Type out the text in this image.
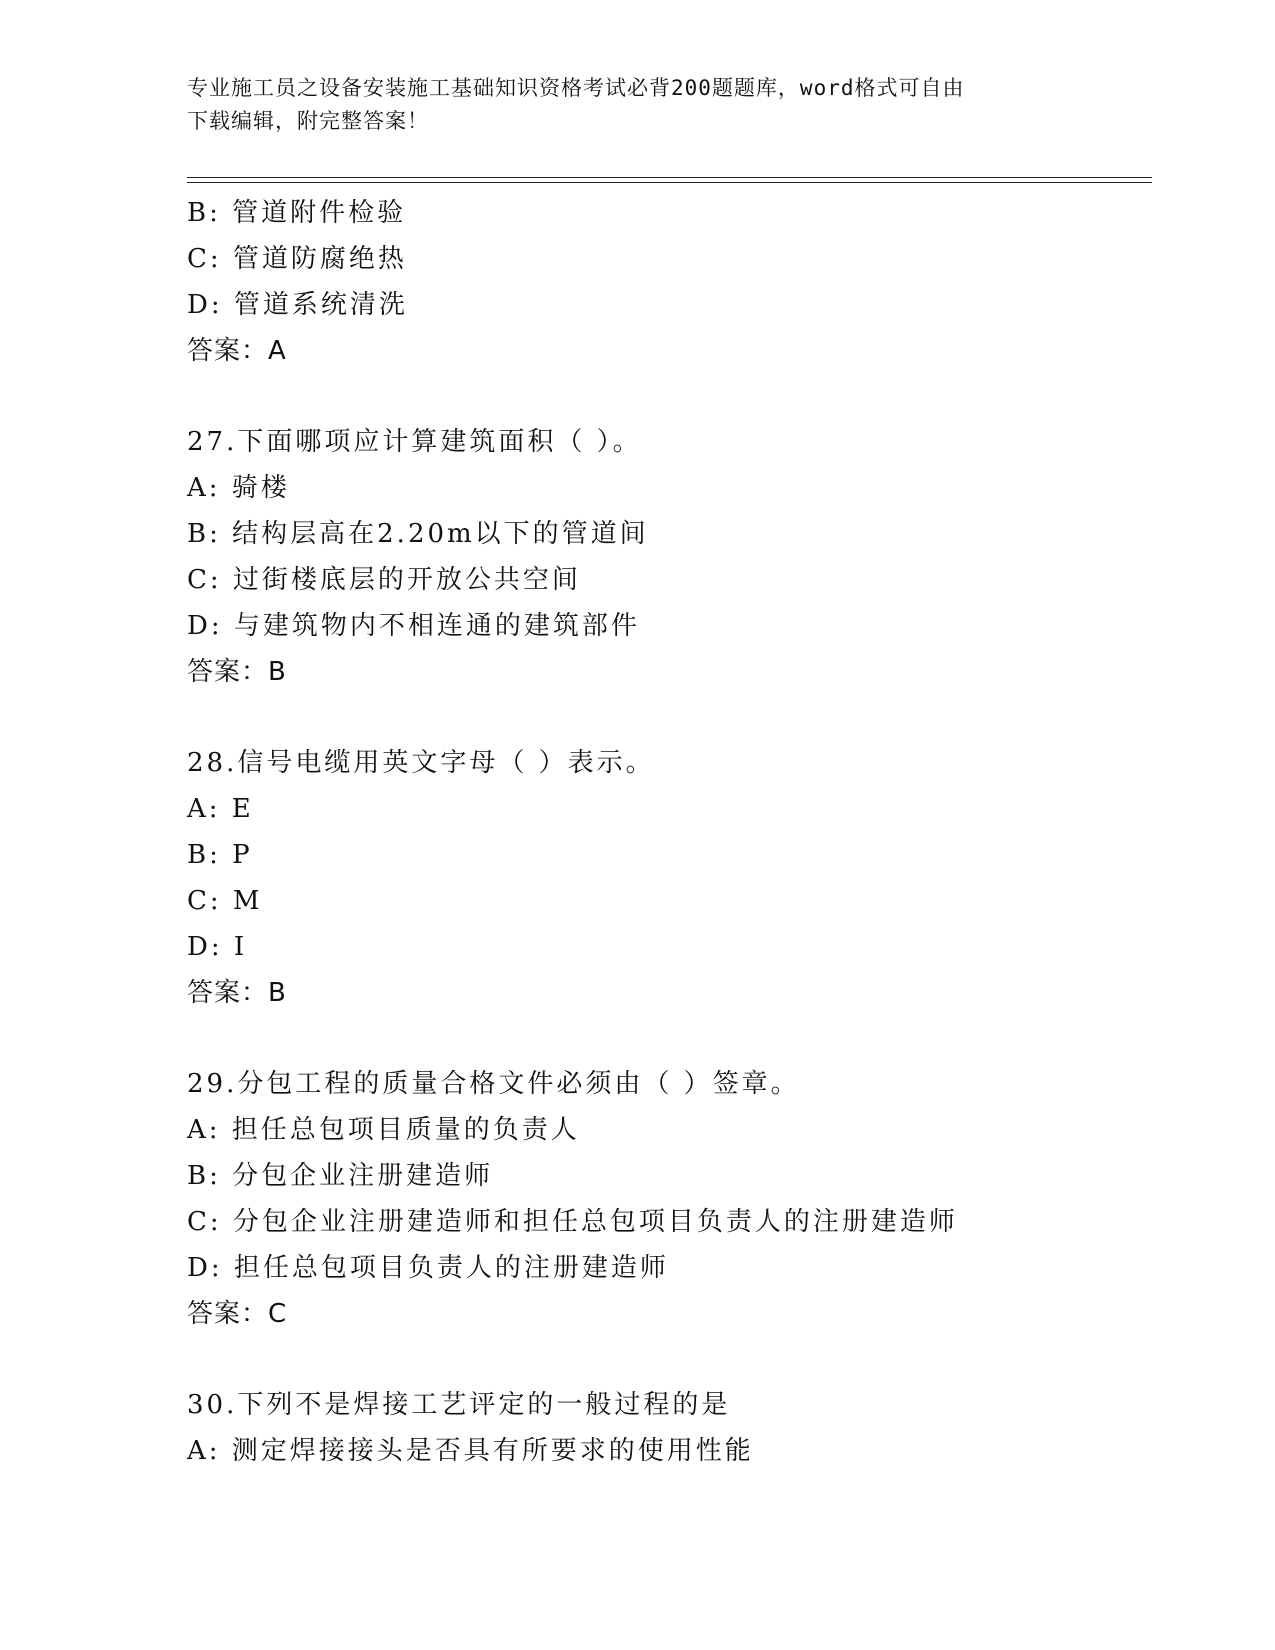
专业施工员之设备安装施工基础知识资格考试必背200题题库，word格式可自由
下载编辑，附完整答案！
B: 管道附件检验
C: 管道防腐绝热
D: 管道系统清洗
答案：A
27.下面哪项应计算建筑面积（ ）。
A: 骑楼
B: 结构层高在2.20m以下的管道间
C: 过街楼底层的开放公共空间
D: 与建筑物内不相连通的建筑部件
答案：B
28.信号电缆用英文字母（ ）表示。
A: E
B: P
C: M
D: I
答案：B
29.分包工程的质量合格文件必须由（ ）签章。
A: 担任总包项目质量的负责人
B: 分包企业注册建造师
C: 分包企业注册建造师和担任总包项目负责人的注册建造师
D: 担任总包项目负责人的注册建造师
答案：C
30.下列不是焊接工艺评定的一般过程的是
A: 测定焊接接头是否具有所要求的使用性能
